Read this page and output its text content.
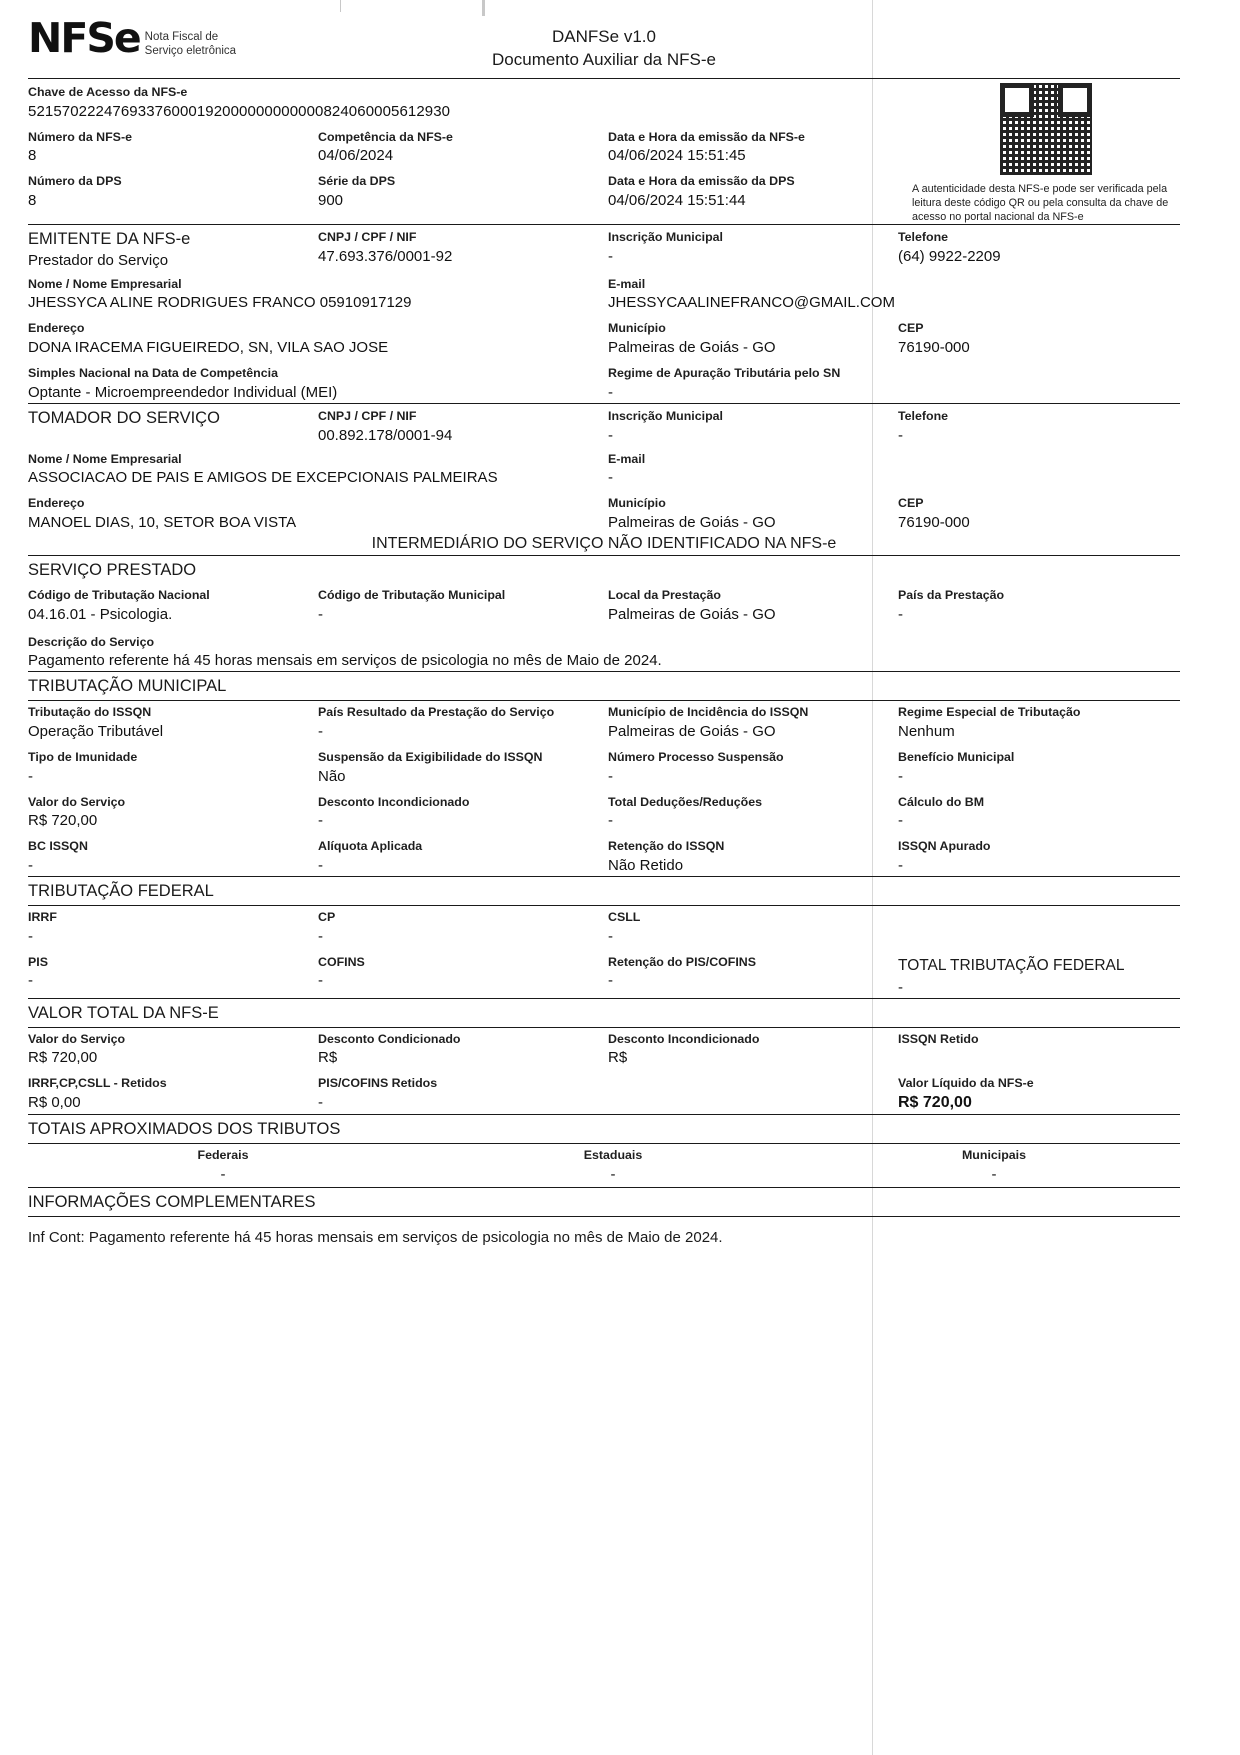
NFSe Nota Fiscal de
Serviço eletrônica
DANFSe v1.0
Documento Auxiliar da NFS-e
Chave de Acesso da NFS-e
52157022247693376000192000000000000824060005612930
Número da NFS-e
8
Competência da NFS-e
04/06/2024
Data e Hora da emissão da NFS-e
04/06/2024 15:51:45
Número da DPS
8
Série da DPS
900
Data e Hora da emissão da DPS
04/06/2024 15:51:44
A autenticidade desta NFS-e pode ser verificada pela leitura deste código QR ou pela consulta da chave de acesso no portal nacional da NFS-e
EMITENTE DA NFS-e
Prestador do Serviço
CNPJ / CPF / NIF
47.693.376/0001-92
Inscrição Municipal
-
Telefone
(64) 9922-2209
Nome / Nome Empresarial
JHESSYCA ALINE RODRIGUES FRANCO 05910917129
E-mail
JHESSYCAALINEFRANCO@GMAIL.COM
Endereço
DONA IRACEMA FIGUEIREDO, SN, VILA SAO JOSE
Município
Palmeiras de Goiás - GO
CEP
76190-000
Simples Nacional na Data de Competência
Optante - Microempreendedor Individual (MEI)
Regime de Apuração Tributária pelo SN
-
TOMADOR DO SERVIÇO	CNPJ / CPF / NIF
00.892.178/0001-94
Inscrição Municipal
-
Telefone
-
Nome / Nome Empresarial
ASSOCIACAO DE PAIS E AMIGOS DE EXCEPCIONAIS PALMEIRAS
E-mail
-
Endereço
MANOEL DIAS, 10, SETOR BOA VISTA
Município
Palmeiras de Goiás - GO
CEP
76190-000
INTERMEDIÁRIO DO SERVIÇO NÃO IDENTIFICADO NA NFS-e
SERVIÇO PRESTADO
Código de Tributação Nacional
04.16.01 - Psicologia.
Código de Tributação Municipal
-
Local da Prestação
Palmeiras de Goiás - GO
País da Prestação
-
Descrição do Serviço
Pagamento referente há 45 horas mensais em serviços de psicologia no mês de Maio de 2024.
TRIBUTAÇÃO MUNICIPAL
Tributação do ISSQN
Operação Tributável
País Resultado da Prestação do Serviço
-
Município de Incidência do ISSQN
Palmeiras de Goiás - GO
Regime Especial de Tributação
Nenhum
Tipo de Imunidade
-
Suspensão da Exigibilidade do ISSQN
Não
Número Processo Suspensão
-
Benefício Municipal
-
Valor do Serviço
R$ 720,00
Desconto Incondicionado
-
Total Deduções/Reduções
-
Cálculo do BM
-
BC ISSQN
-
Alíquota Aplicada
-
Retenção do ISSQN
Não Retido
ISSQN Apurado
-
TRIBUTAÇÃO FEDERAL
IRRF
-
CP
-
CSLL
-
PIS
-
COFINS
-
Retenção do PIS/COFINS
-
TOTAL TRIBUTAÇÃO FEDERAL
-
VALOR TOTAL DA NFS-E
Valor do Serviço
R$ 720,00
Desconto Condicionado
R$
Desconto Incondicionado
R$
ISSQN Retido
IRRF,CP,CSLL - Retidos
R$ 0,00
PIS/COFINS Retidos
-
Valor Líquido da NFS-e
R$ 720,00
TOTAIS APROXIMADOS DOS TRIBUTOS
Federais
-
Estaduais
-
Municipais
-
INFORMAÇÕES COMPLEMENTARES
Inf Cont: Pagamento referente há 45 horas mensais em serviços de psicologia no mês de Maio de 2024.
